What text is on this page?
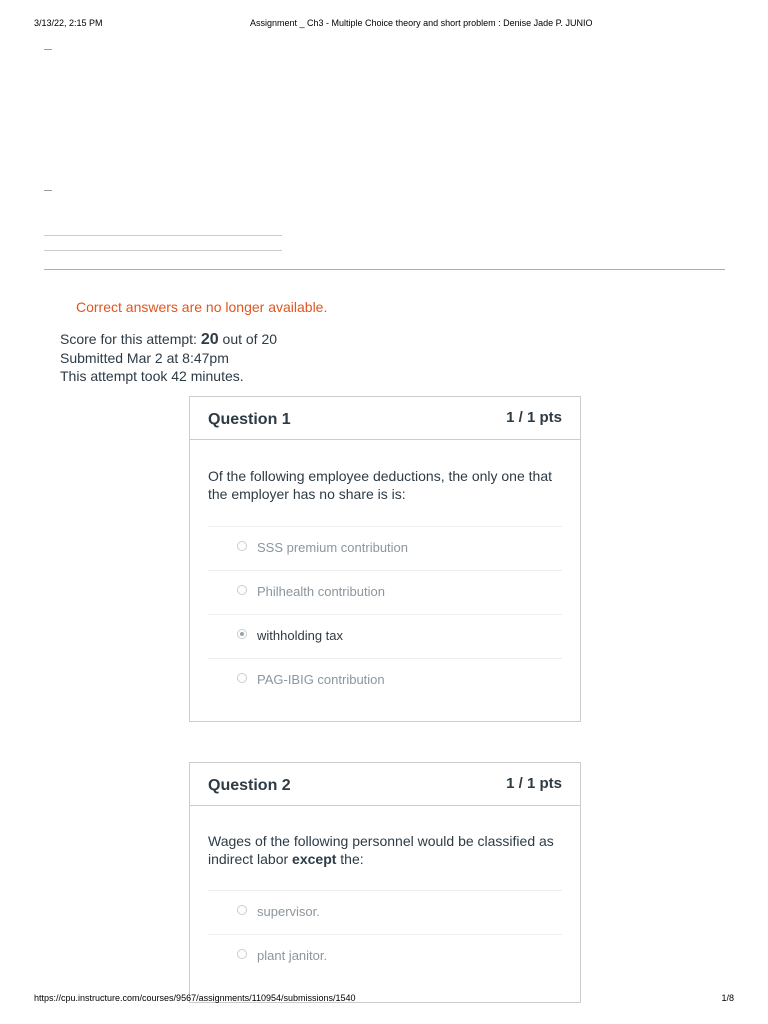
3/13/22, 2:15 PM	Assignment _ Ch3 - Multiple Choice theory and short problem : Denise Jade P. JUNIO
Correct answers are no longer available.
Score for this attempt: 20 out of 20
Submitted Mar 2 at 8:47pm
This attempt took 42 minutes.
Question 1	1 / 1 pts
Of the following employee deductions, the only one that the employer has no share is is:
SSS premium contribution
Philhealth contribution
withholding tax
PAG-IBIG contribution
Question 2	1 / 1 pts
Wages of the following personnel would be classified as indirect labor except the:
supervisor.
plant janitor.
https://cpu.instructure.com/courses/9567/assignments/110954/submissions/1540	1/8
